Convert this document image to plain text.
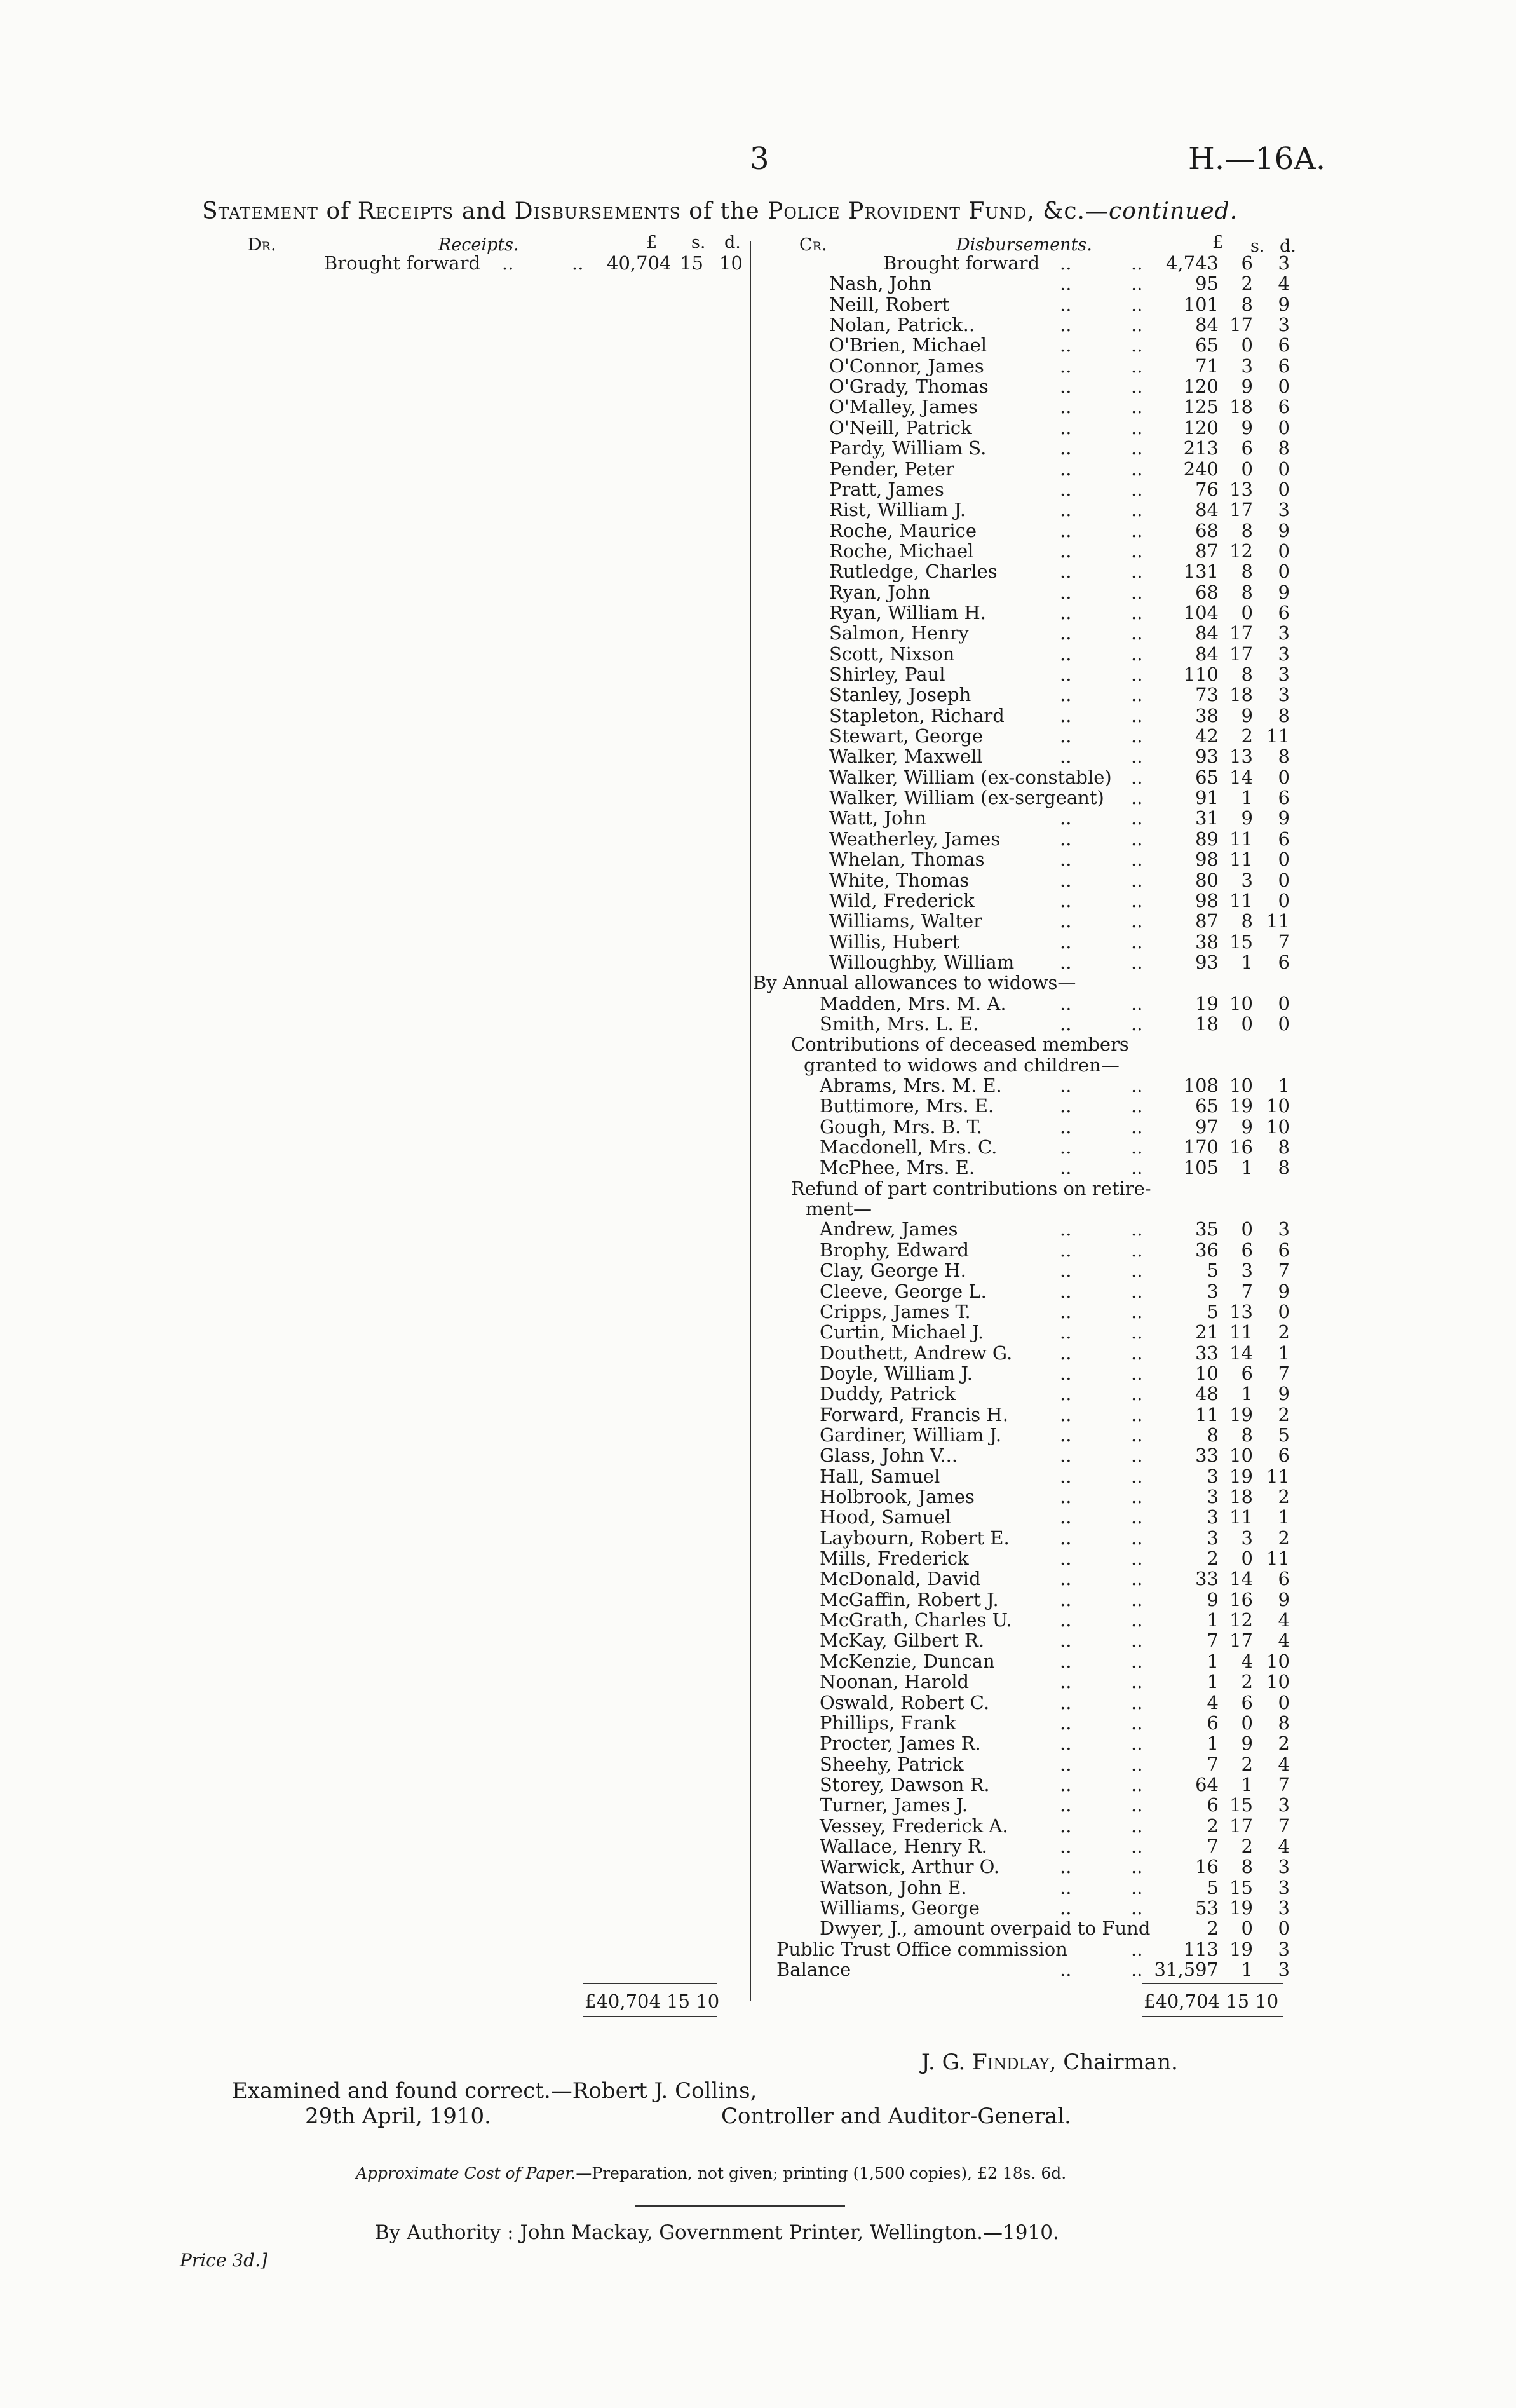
3	H.—16A.
Statement of Receipts and Disbursements of the Police Provident Fund, &c.—continued.
Dr.	Receipts.	£ s. d.
Brought forward ..	.. 40,704 15 10
Cr.	Disbursements.	£ s. d.
Brought forward ..	.. 4,743 6 3
Nash, John	..	..	95 2 4
Neill, Robert	..	.. 101 8 9
Nolan, Patrick..	..	..	84 17 3
O'Brien, Michael	..	..	65 0 6
O'Connor, James	..	..	71 3 6
O'Grady, Thomas	..	.. 120 9 0
O'Malley, James	..	.. 125 18 6
O'Neill, Patrick	..	.. 120 9 0
Pardy, William S.	..	.. 213 6 8
Pender, Peter	..	.. 240 0 0
Pratt, James	..	..	76 13 0
Rist, William J.	..	..	84 17 3
Roche, Maurice	..	..	68 8 9
Roche, Michael	..	..	87 12 0
Rutledge, Charles	..	.. 131 8 0
Ryan, John	..	..	68 8 9
Ryan, William H.	..	.. 104 0 6
Salmon, Henry	..	..	84 17 3
Scott, Nixson	..	..	84 17 3
Shirley, Paul	..	.. 110 8 3
Stanley, Joseph	..	..	73 18 3
Stapleton, Richard	..	..	38 9 8
Stewart, George	..	..	42 2 11
Walker, Maxwell	..	..	93 13 8
Walker, William (ex-constable) ..	65 14 0
Walker, William (ex-sergeant) ..	91 1 6
Watt, John	..	..	31 9 9
Weatherley, James	..	..	89 11 6
Whelan, Thomas	..	..	98 11 0
White, Thomas	..	..	80 3 0
Wild, Frederick	..	..	98 11 0
Williams, Walter	..	..	87 8 11
Willis, Hubert	..	..	38 15 7
Willoughby, William ..	..	93 1 6
By Annual allowances to widows—
Madden, Mrs. M. A.	..	..	19 10 0
Smith, Mrs. L. E.	..	..	18 0 0
Contributions of deceased members
granted to widows and children—
Abrams, Mrs. M. E.	..	.. 108 10 1
Buttimore, Mrs. E.	..	..	65 19 10
Gough, Mrs. B. T.	..	..	97 9 10
Macdonell, Mrs. C.	..	.. 170 16 8
McPhee, Mrs. E.	..	.. 105 1 8
Refund of part contributions on retire-
ment—
Andrew, James	..	..	35 0 3
Brophy, Edward	..	..	36 6 6
Clay, George H.	..	..	5 3 7
Cleeve, George L.	..	..	3 7 9
Cripps, James T.	..	..	5 13 0
Curtin, Michael J.	..	..	21 11 2
Douthett, Andrew G.	..	..	33 14 1
Doyle, William J.	..	..	10 6 7
Duddy, Patrick	..	..	48 1 9
Forward, Francis H.	..	..	11 19 2
Gardiner, William J.	..	..	8 8 5
Glass, John V...	..	..	33 10 6
Hall, Samuel	..	..	3 19 11
Holbrook, James	..	..	3 18 2
Hood, Samuel	..	..	3 11 1
Laybourn, Robert E.	..	..	3 3 2
Mills, Frederick	..	..	2 0 11
McDonald, David	..	..	33 14 6
McGaffin, Robert J.	..	..	9 16 9
McGrath, Charles U.	..	..	1 12 4
McKay, Gilbert R.	..	..	7 17 4
McKenzie, Duncan	..	..	1 4 10
Noonan, Harold	..	..	1 2 10
Oswald, Robert C.	..	..	4 6 0
Phillips, Frank	..	..	6 0 8
Procter, James R.	..	..	1 9 2
Sheehy, Patrick	..	..	7 2 4
Storey, Dawson R.	..	..	64 1 7
Turner, James J.	..	..	6 15 3
Vessey, Frederick A.	..	..	2 17 7
Wallace, Henry R.	..	..	7 2 4
Warwick, Arthur O.	..	..	16 8 3
Watson, John E.	..	..	5 15 3
Williams, George	..	..	53 19 3
Dwyer, J., amount overpaid to Fund	2 0 0
Public Trust Office commission	.. 113 19 3
Balance	..	.. 31,597 1 3
£40,704 15 10	£40,704 15 10
J. G. Findlay, Chairman.
Examined and found correct.—Robert J. Collins,
29th April, 1910.	Controller and Auditor-General.
Approximate Cost of Paper.—Preparation, not given; printing (1,500 copies), £2 18s. 6d.
By Authority : John Mackay, Government Printer, Wellington.—1910.
Price 3d.]
